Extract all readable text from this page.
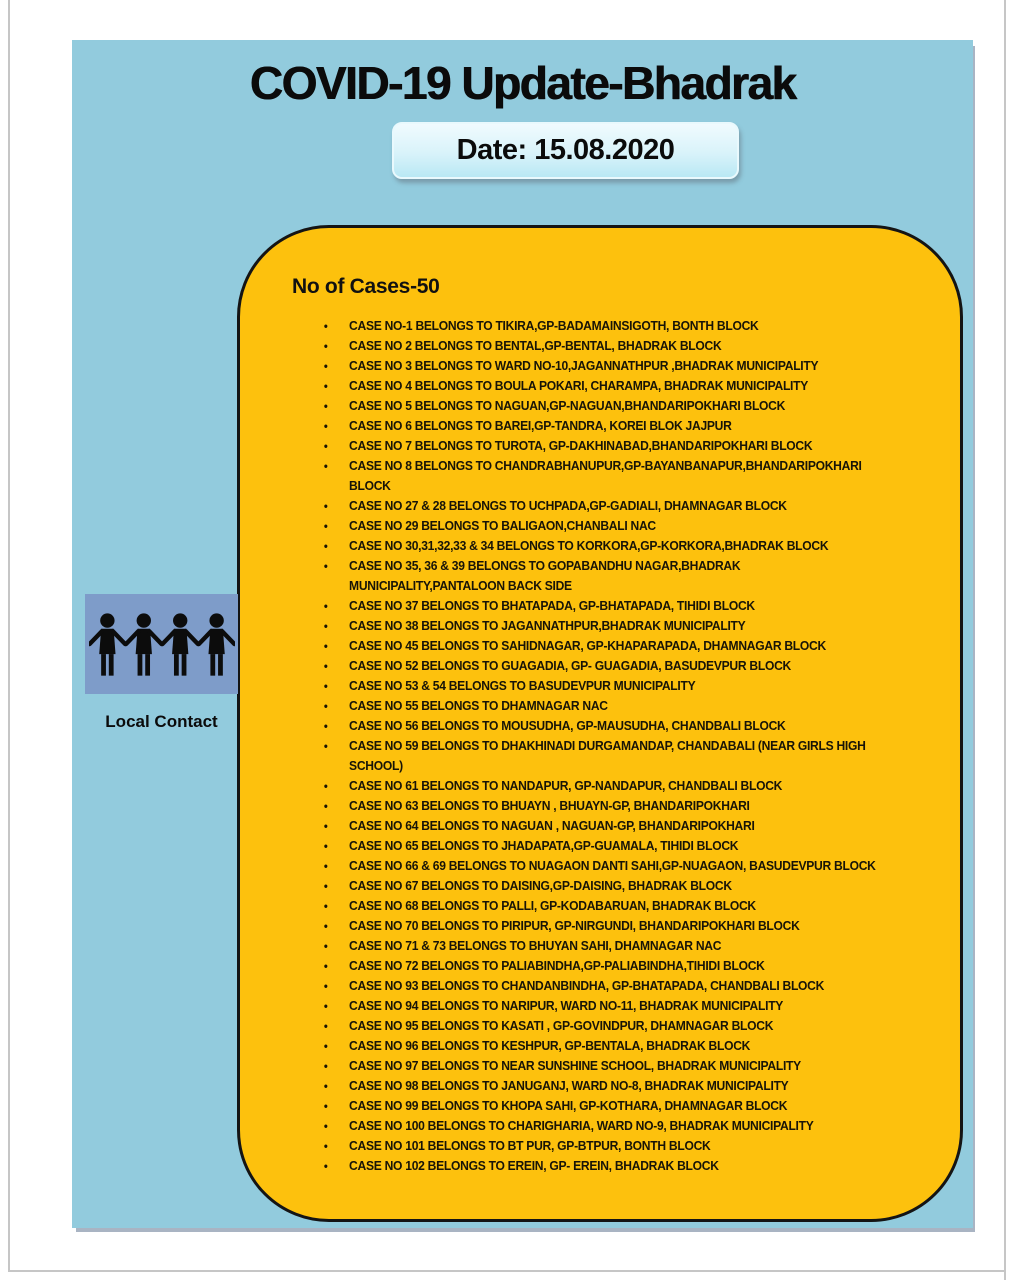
COVID-19 Update-Bhadrak
Date: 15.08.2020
No of Cases-50
• CASE NO-1 BELONGS TO TIKIRA,GP-BADAMAINSIGOTH, BONTH BLOCK
• CASE NO 2 BELONGS TO BENTAL,GP-BENTAL, BHADRAK BLOCK
• CASE NO 3 BELONGS TO WARD NO-10,JAGANNATHPUR ,BHADRAK MUNICIPALITY
• CASE NO 4 BELONGS TO BOULA POKARI, CHARAMPA, BHADRAK MUNICIPALITY
• CASE NO 5 BELONGS TO NAGUAN,GP-NAGUAN,BHANDARIPOKHARI BLOCK
• CASE NO 6 BELONGS TO BAREI,GP-TANDRA, KOREI BLOK JAJPUR
• CASE NO 7 BELONGS TO TUROTA, GP-DAKHINABAD,BHANDARIPOKHARI BLOCK
• CASE NO 8 BELONGS TO CHANDRABHANUPUR,GP-BAYANBANAPUR,BHANDARIPOKHARI BLOCK
• CASE NO 27 & 28 BELONGS TO UCHPADA,GP-GADIALI, DHAMNAGAR BLOCK
• CASE NO 29 BELONGS TO BALIGAON,CHANBALI NAC
• CASE NO 30,31,32,33 & 34 BELONGS TO KORKORA,GP-KORKORA,BHADRAK BLOCK
• CASE NO 35, 36 & 39 BELONGS TO GOPABANDHU NAGAR,BHADRAK MUNICIPALITY,PANTALOON BACK SIDE
• CASE NO 37 BELONGS TO BHATAPADA, GP-BHATAPADA, TIHIDI BLOCK
• CASE NO 38 BELONGS TO JAGANNATHPUR,BHADRAK MUNICIPALITY
• CASE NO 45 BELONGS TO SAHIDNAGAR, GP-KHAPARAPADA, DHAMNAGAR BLOCK
• CASE NO 52 BELONGS TO GUAGADIA, GP- GUAGADIA, BASUDEVPUR BLOCK
• CASE NO 53 & 54 BELONGS TO BASUDEVPUR MUNICIPALITY
• CASE NO 55 BELONGS TO DHAMNAGAR NAC
• CASE NO 56 BELONGS TO MOUSUDHA, GP-MAUSUDHA, CHANDBALI BLOCK
• CASE NO 59 BELONGS TO DHAKHINADI DURGAMANDAP, CHANDABALI (NEAR GIRLS HIGH SCHOOL)
• CASE NO 61 BELONGS TO NANDAPUR, GP-NANDAPUR, CHANDBALI BLOCK
• CASE NO 63 BELONGS TO BHUAYN , BHUAYN-GP, BHANDARIPOKHARI
• CASE NO 64 BELONGS TO NAGUAN , NAGUAN-GP, BHANDARIPOKHARI
• CASE NO 65 BELONGS TO JHADAPATA,GP-GUAMALA, TIHIDI BLOCK
• CASE NO 66 & 69 BELONGS TO NUAGAON DANTI SAHI,GP-NUAGAON, BASUDEVPUR BLOCK
• CASE NO 67 BELONGS TO DAISING,GP-DAISING, BHADRAK BLOCK
• CASE NO 68 BELONGS TO PALLI, GP-KODABARUAN, BHADRAK BLOCK
• CASE NO 70 BELONGS TO PIRIPUR, GP-NIRGUNDI, BHANDARIPOKHARI BLOCK
• CASE NO 71 & 73 BELONGS TO BHUYAN SAHI, DHAMNAGAR NAC
• CASE NO 72 BELONGS TO PALIABINDHA,GP-PALIABINDHA,TIHIDI BLOCK
• CASE NO 93 BELONGS TO CHANDANBINDHA, GP-BHATAPADA, CHANDBALI BLOCK
• CASE NO 94 BELONGS TO NARIPUR, WARD NO-11, BHADRAK MUNICIPALITY
• CASE NO 95 BELONGS TO KASATI , GP-GOVINDPUR, DHAMNAGAR BLOCK
• CASE NO 96 BELONGS TO KESHPUR, GP-BENTALA, BHADRAK BLOCK
• CASE NO 97 BELONGS TO NEAR SUNSHINE SCHOOL, BHADRAK MUNICIPALITY
• CASE NO 98 BELONGS TO JANUGANJ, WARD NO-8, BHADRAK MUNICIPALITY
• CASE NO 99 BELONGS TO KHOPA SAHI, GP-KOTHARA, DHAMNAGAR BLOCK
• CASE NO 100 BELONGS TO CHARIGHARIA, WARD NO-9, BHADRAK MUNICIPALITY
• CASE NO 101 BELONGS TO BT PUR, GP-BTPUR, BONTH BLOCK
• CASE NO 102 BELONGS TO EREIN, GP- EREIN, BHADRAK BLOCK
Local Contact
